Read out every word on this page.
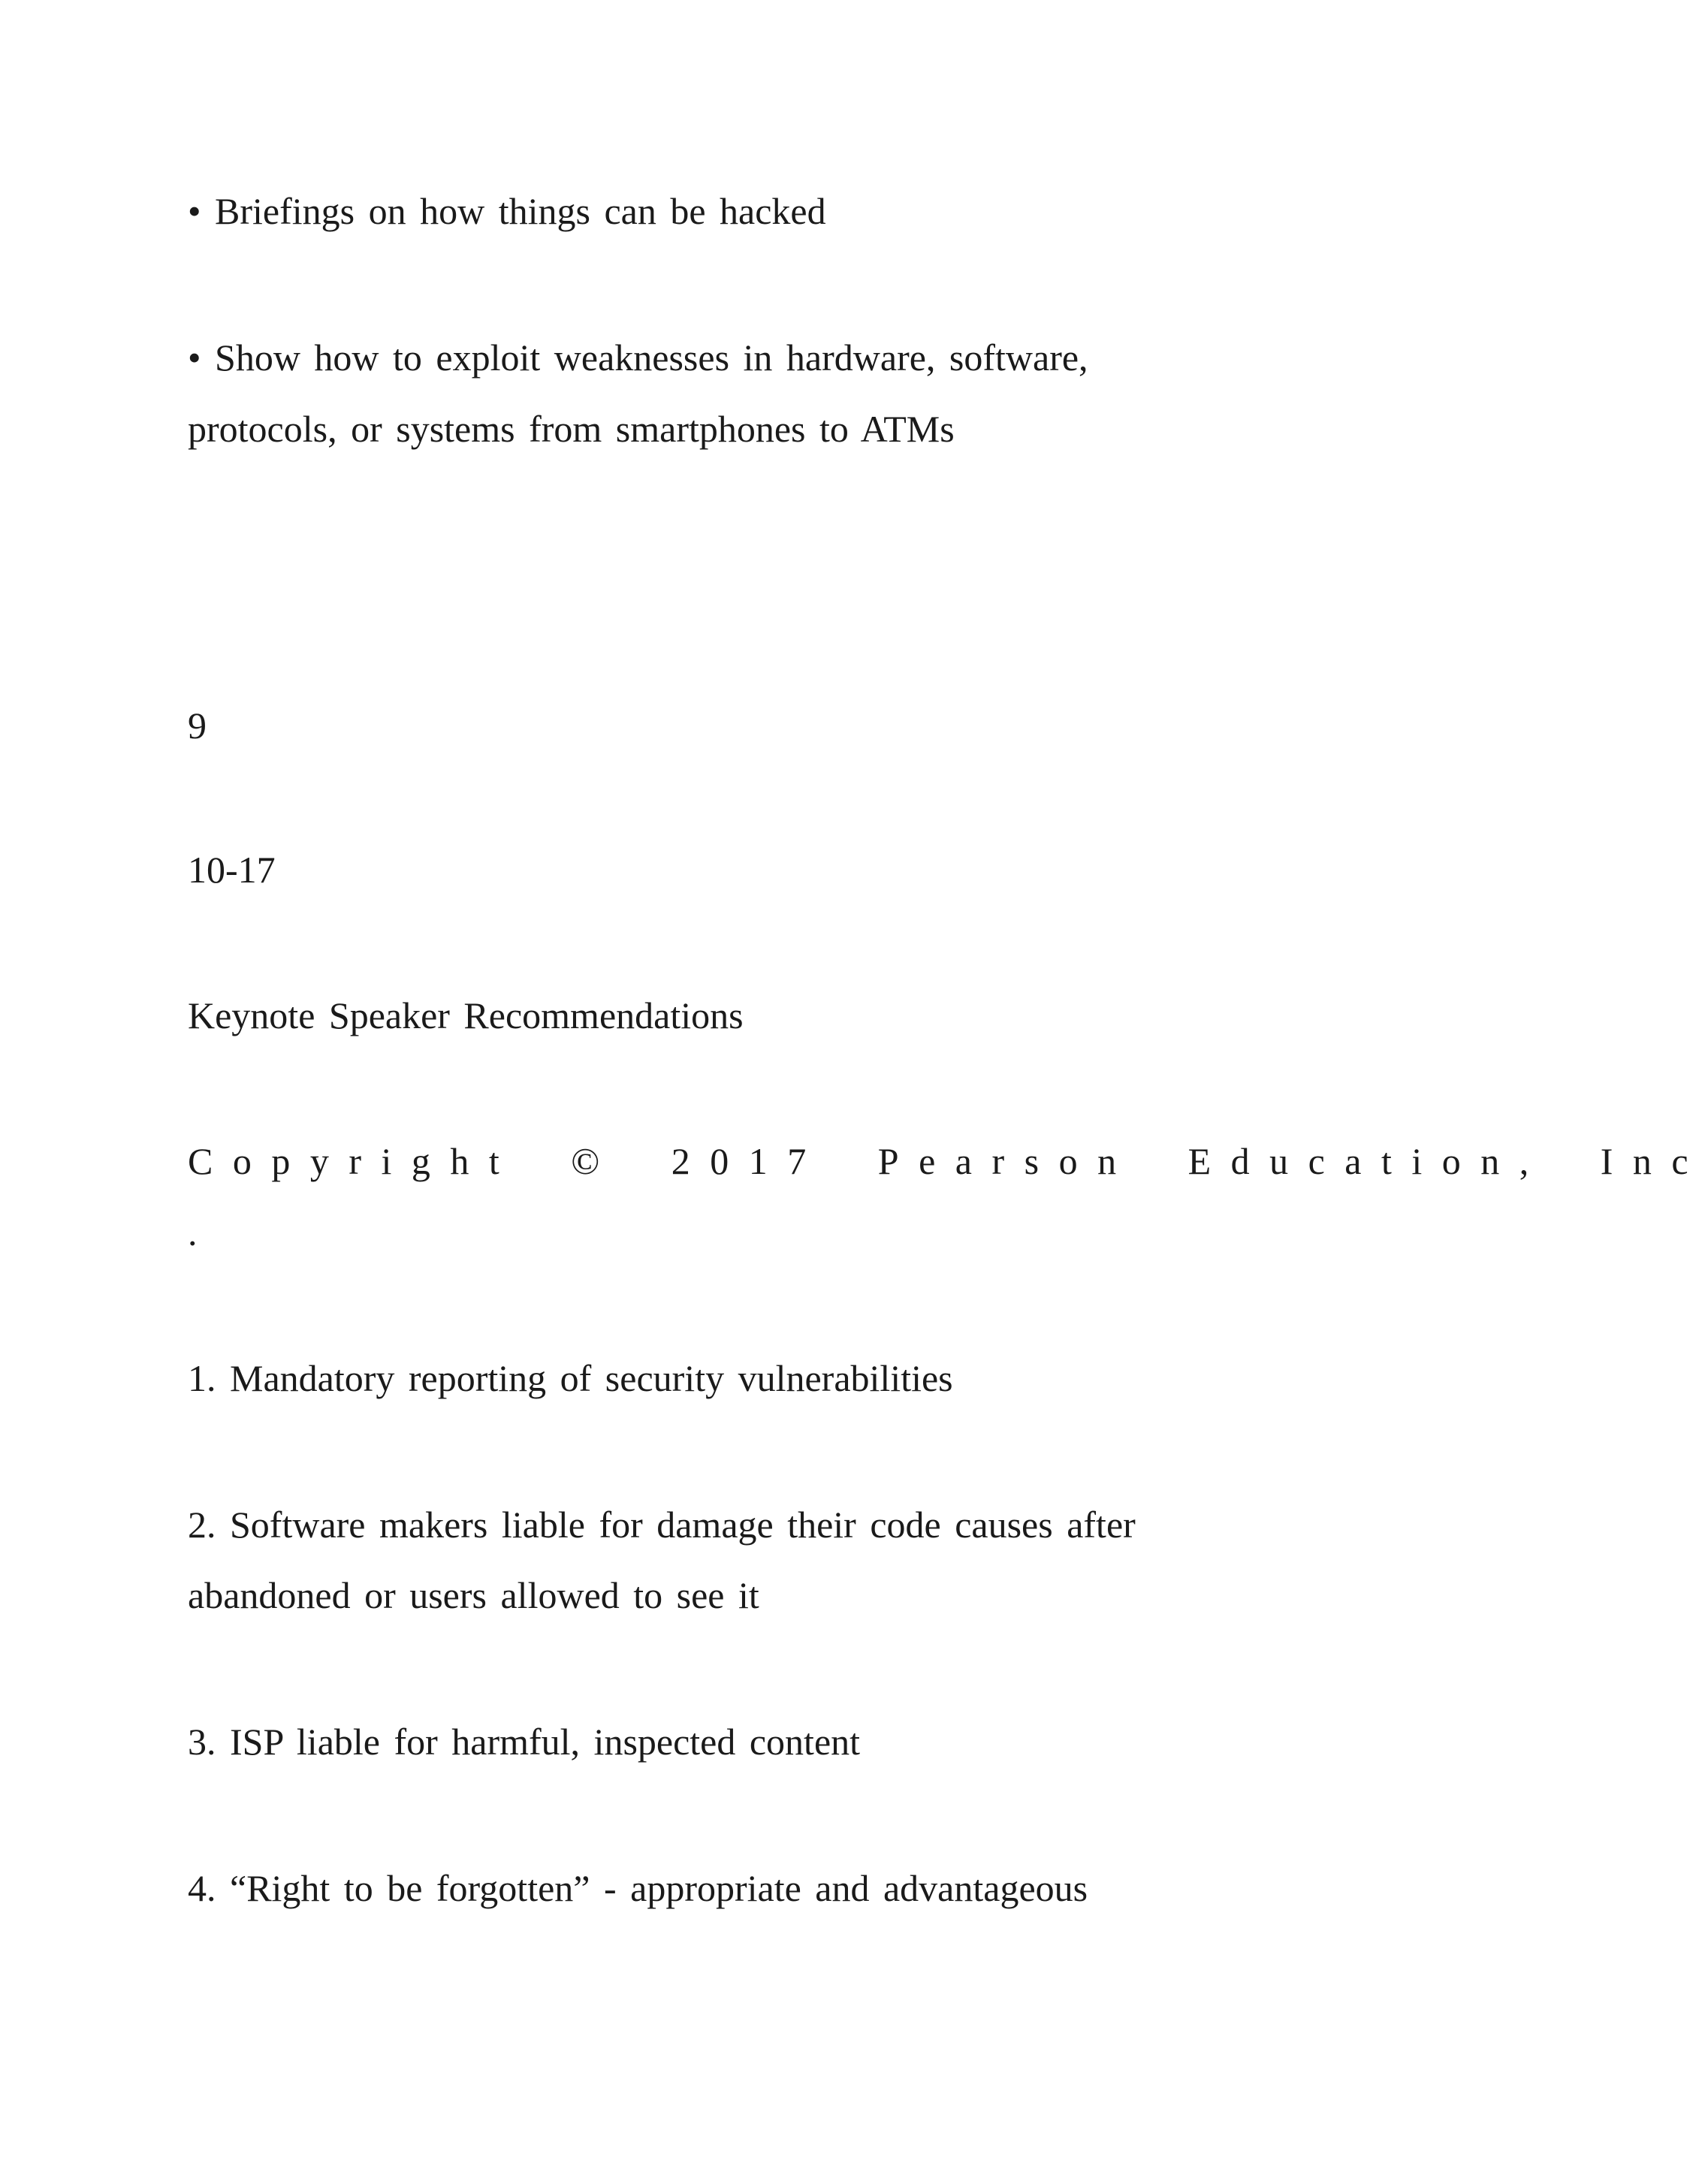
• Briefings on how things can be hacked

• Show how to exploit weaknesses in hardware, software,

protocols, or systems from smartphones to ATMs

9

10-17

Keynote Speaker Recommendations

Copyright © 2017 Pearson Education, Inc

.

1. Mandatory reporting of security vulnerabilities

2. Software makers liable for damage their code causes after

abandoned or users allowed to see it

3. ISP liable for harmful, inspected content

4. “Right to be forgotten” - appropriate and advantageous
